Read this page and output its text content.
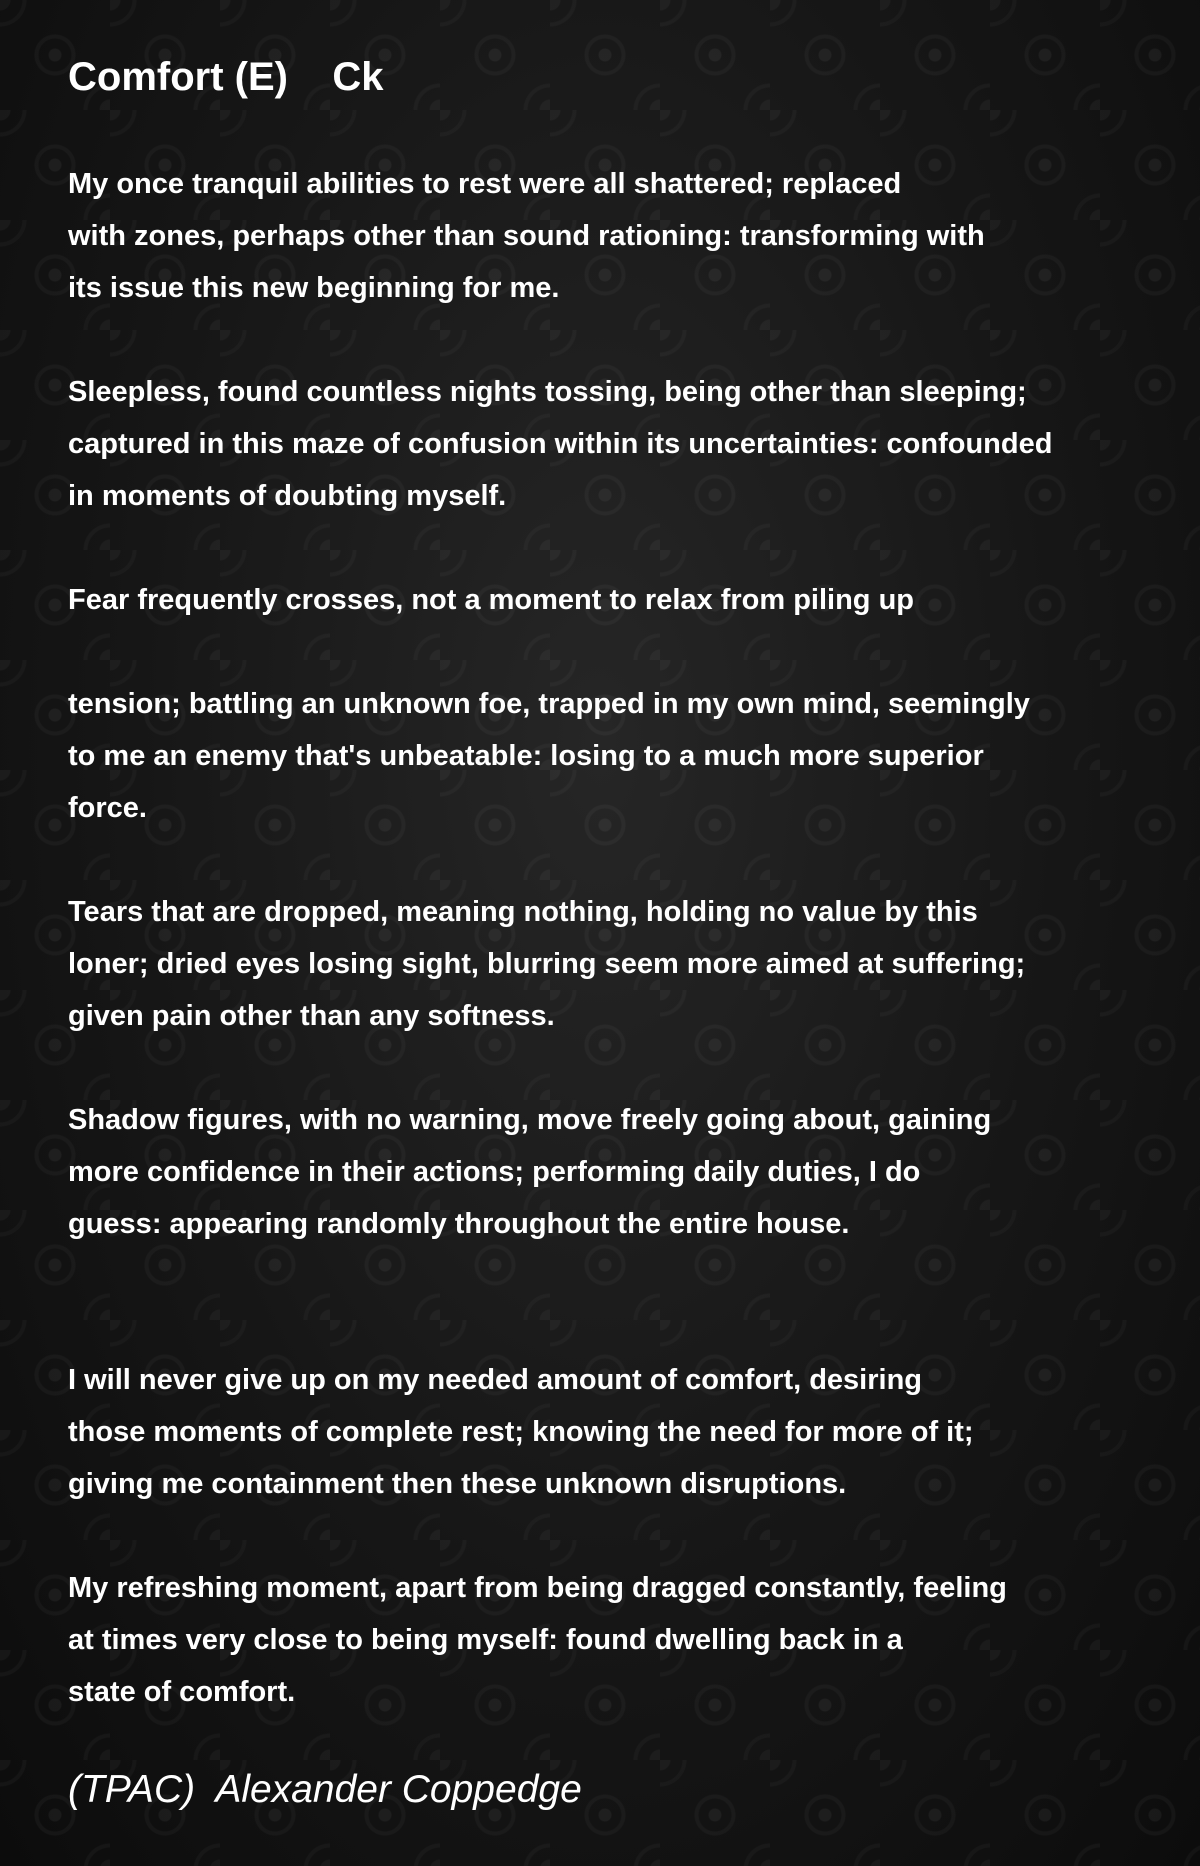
Comfort (E)    Ck
My once tranquil abilities to rest were all shattered; replaced
with zones, perhaps other than sound rationing: transforming with
its issue this new beginning for me.
Sleepless, found countless nights tossing, being other than sleeping;
captured in this maze of confusion within its uncertainties: confounded
in moments of doubting myself.
Fear frequently crosses, not a moment to relax from piling up
tension; battling an unknown foe, trapped in my own mind, seemingly
to me an enemy that's unbeatable: losing to a much more superior
force.
Tears that are dropped, meaning nothing, holding no value by this
loner; dried eyes losing sight, blurring seem more aimed at suffering;
given pain other than any softness.
Shadow figures, with no warning, move freely going about, gaining
more confidence in their actions; performing daily duties, I do
guess: appearing randomly throughout the entire house.
I will never give up on my needed amount of comfort, desiring
those moments of complete rest; knowing the need for more of it;
giving me containment then these unknown disruptions.
My refreshing moment, apart from being dragged constantly, feeling
at times very close to being myself: found dwelling back in a
state of comfort.
(TPAC)  Alexander Coppedge
